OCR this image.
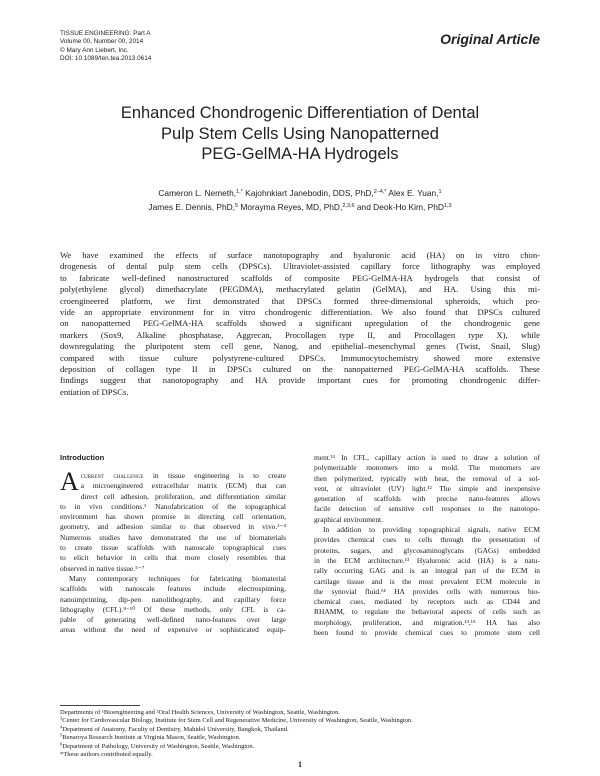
TISSUE ENGINEERING: Part A
Volume 00, Number 00, 2014
© Mary Ann Liebert, Inc.
DOI: 10.1089/ten.tea.2013.0614
Original Article
Enhanced Chondrogenic Differentiation of Dental
Pulp Stem Cells Using Nanopatterned
PEG-GelMA-HA Hydrogels
Cameron L. Nemeth,$^{1,*}$ Kajohnkiart Janebodin, DDS, PhD,$^{2-4,*}$ Alex E. Yuan,$^1$
James E. Dennis, PhD,$^5$ Morayma Reyes, MD, PhD,$^{2,3,6}$ and Deok-Ho Kim, PhD$^{1,3}$
We have examined the effects of surface nanotopography and hyaluronic acid (HA) on in vitro chon-
drogenesis of dental pulp stem cells (DPSCs). Ultraviolet-assisted capillary force lithography was employed
to fabricate well-defined nanostructured scaffolds of composite PEG-GelMA-HA hydrogels that consist of
poly(ethylene glycol) dimethacrylate (PEGDMA), methacrylated gelatin (GelMA), and HA. Using this mi-
croengineered platform, we first demonstrated that DPSCs formed three-dimensional spheroids, which pro-
vide an appropriate environment for in vitro chondrogenic differentiation. We also found that DPSCs cultured
on nanopatterned PEG-GelMA-HA scaffolds showed a significant upregulation of the chondrogenic gene
markers (Sox9, Alkaline phosphatase, Aggrecan, Procollagen type II, and Procollagen type X), while
downregulating the pluripotent stem cell gene, Nanog, and epithelial–mesenchymal genes (Twist, Snail, Slug)
compared with tissue culture polystyrene-cultured DPSCs. Immunocytochemistry showed more extensive
deposition of collagen type II in DPSCs cultured on the nanopatterned PEG-GelMA-HA scaffolds. These
findings suggest that nanotopography and HA provide important cues for promoting chondrogenic differ-
entiation of DPSCs.
Introduction
A current challenge in tissue engineering is to create
a microengineered extracellular matrix (ECM) that can
direct cell adhesion, proliferation, and differentiation similar
to in vivo conditions.¹ Nanofabrication of the topographical
environment has shown promise in directing cell orientation,
geometry, and adhesion similar to that observed in vivo.²⁻⁴
Numerous studies have demonstrated the use of biomaterials
to create tissue scaffolds with nanoscale topographical cues
to elicit behavior in cells that more closely resembles that
observed in native tissue.⁵⁻⁷
Many contemporary techniques for fabricating biomaterial
scaffolds with nanoscale features include electrospinning,
nanoimprinting, dip-pen nanolithography, and capillary force
lithography (CFL).⁸⁻¹⁰ Of these methods, only CFL is ca-
pable of generating well-defined nano-features over large
areas without the need of expensive or sophisticated equip-
ment.¹¹ In CFL, capillary action is used to draw a solution of
polymerizable monomers into a mold. The monomers are
then polymerized, typically with heat, the removal of a sol-
vent, or ultraviolet (UV) light.¹² The simple and inexpensive
generation of scaffolds with precise nano-features allows
facile detection of sensitive cell responses to the nanotopo-
graphical environment.
In addition to providing topographical signals, native ECM
provides chemical cues to cells through the presentation of
proteins, sugars, and glycosaminoglycans (GAGs) embedded
in the ECM architecture.¹³ Hyaluronic acid (HA) is a natu-
rally occurring GAG and is an integral part of the ECM in
cartilage tissue and is the most prevalent ECM molecule in
the synovial fluid.¹⁴ HA provides cells with numerous bio-
chemical cues, mediated by receptors such as CD44 and
RHAMM, to regulate the behavioral aspects of cells such as
morphology, proliferation, and migration.¹³,¹⁵ HA has also
been found to provide chemical cues to promote stem cell
Departments of ¹Bioengineering and ²Oral Health Sciences, University of Washington, Seattle, Washington.
$^3$Center for Cardiovascular Biology, Institute for Stem Cell and Regenerative Medicine, University of Washington, Seattle, Washington.
$^4$Department of Anatomy, Faculty of Dentistry, Mahidol University, Bangkok, Thailand.
$^5$Benaroya Research Institute at Virginia Mason, Seattle, Washington.
$^6$Department of Pathology, University of Washington, Seattle, Washington.
*These authors contributed equally.
1
